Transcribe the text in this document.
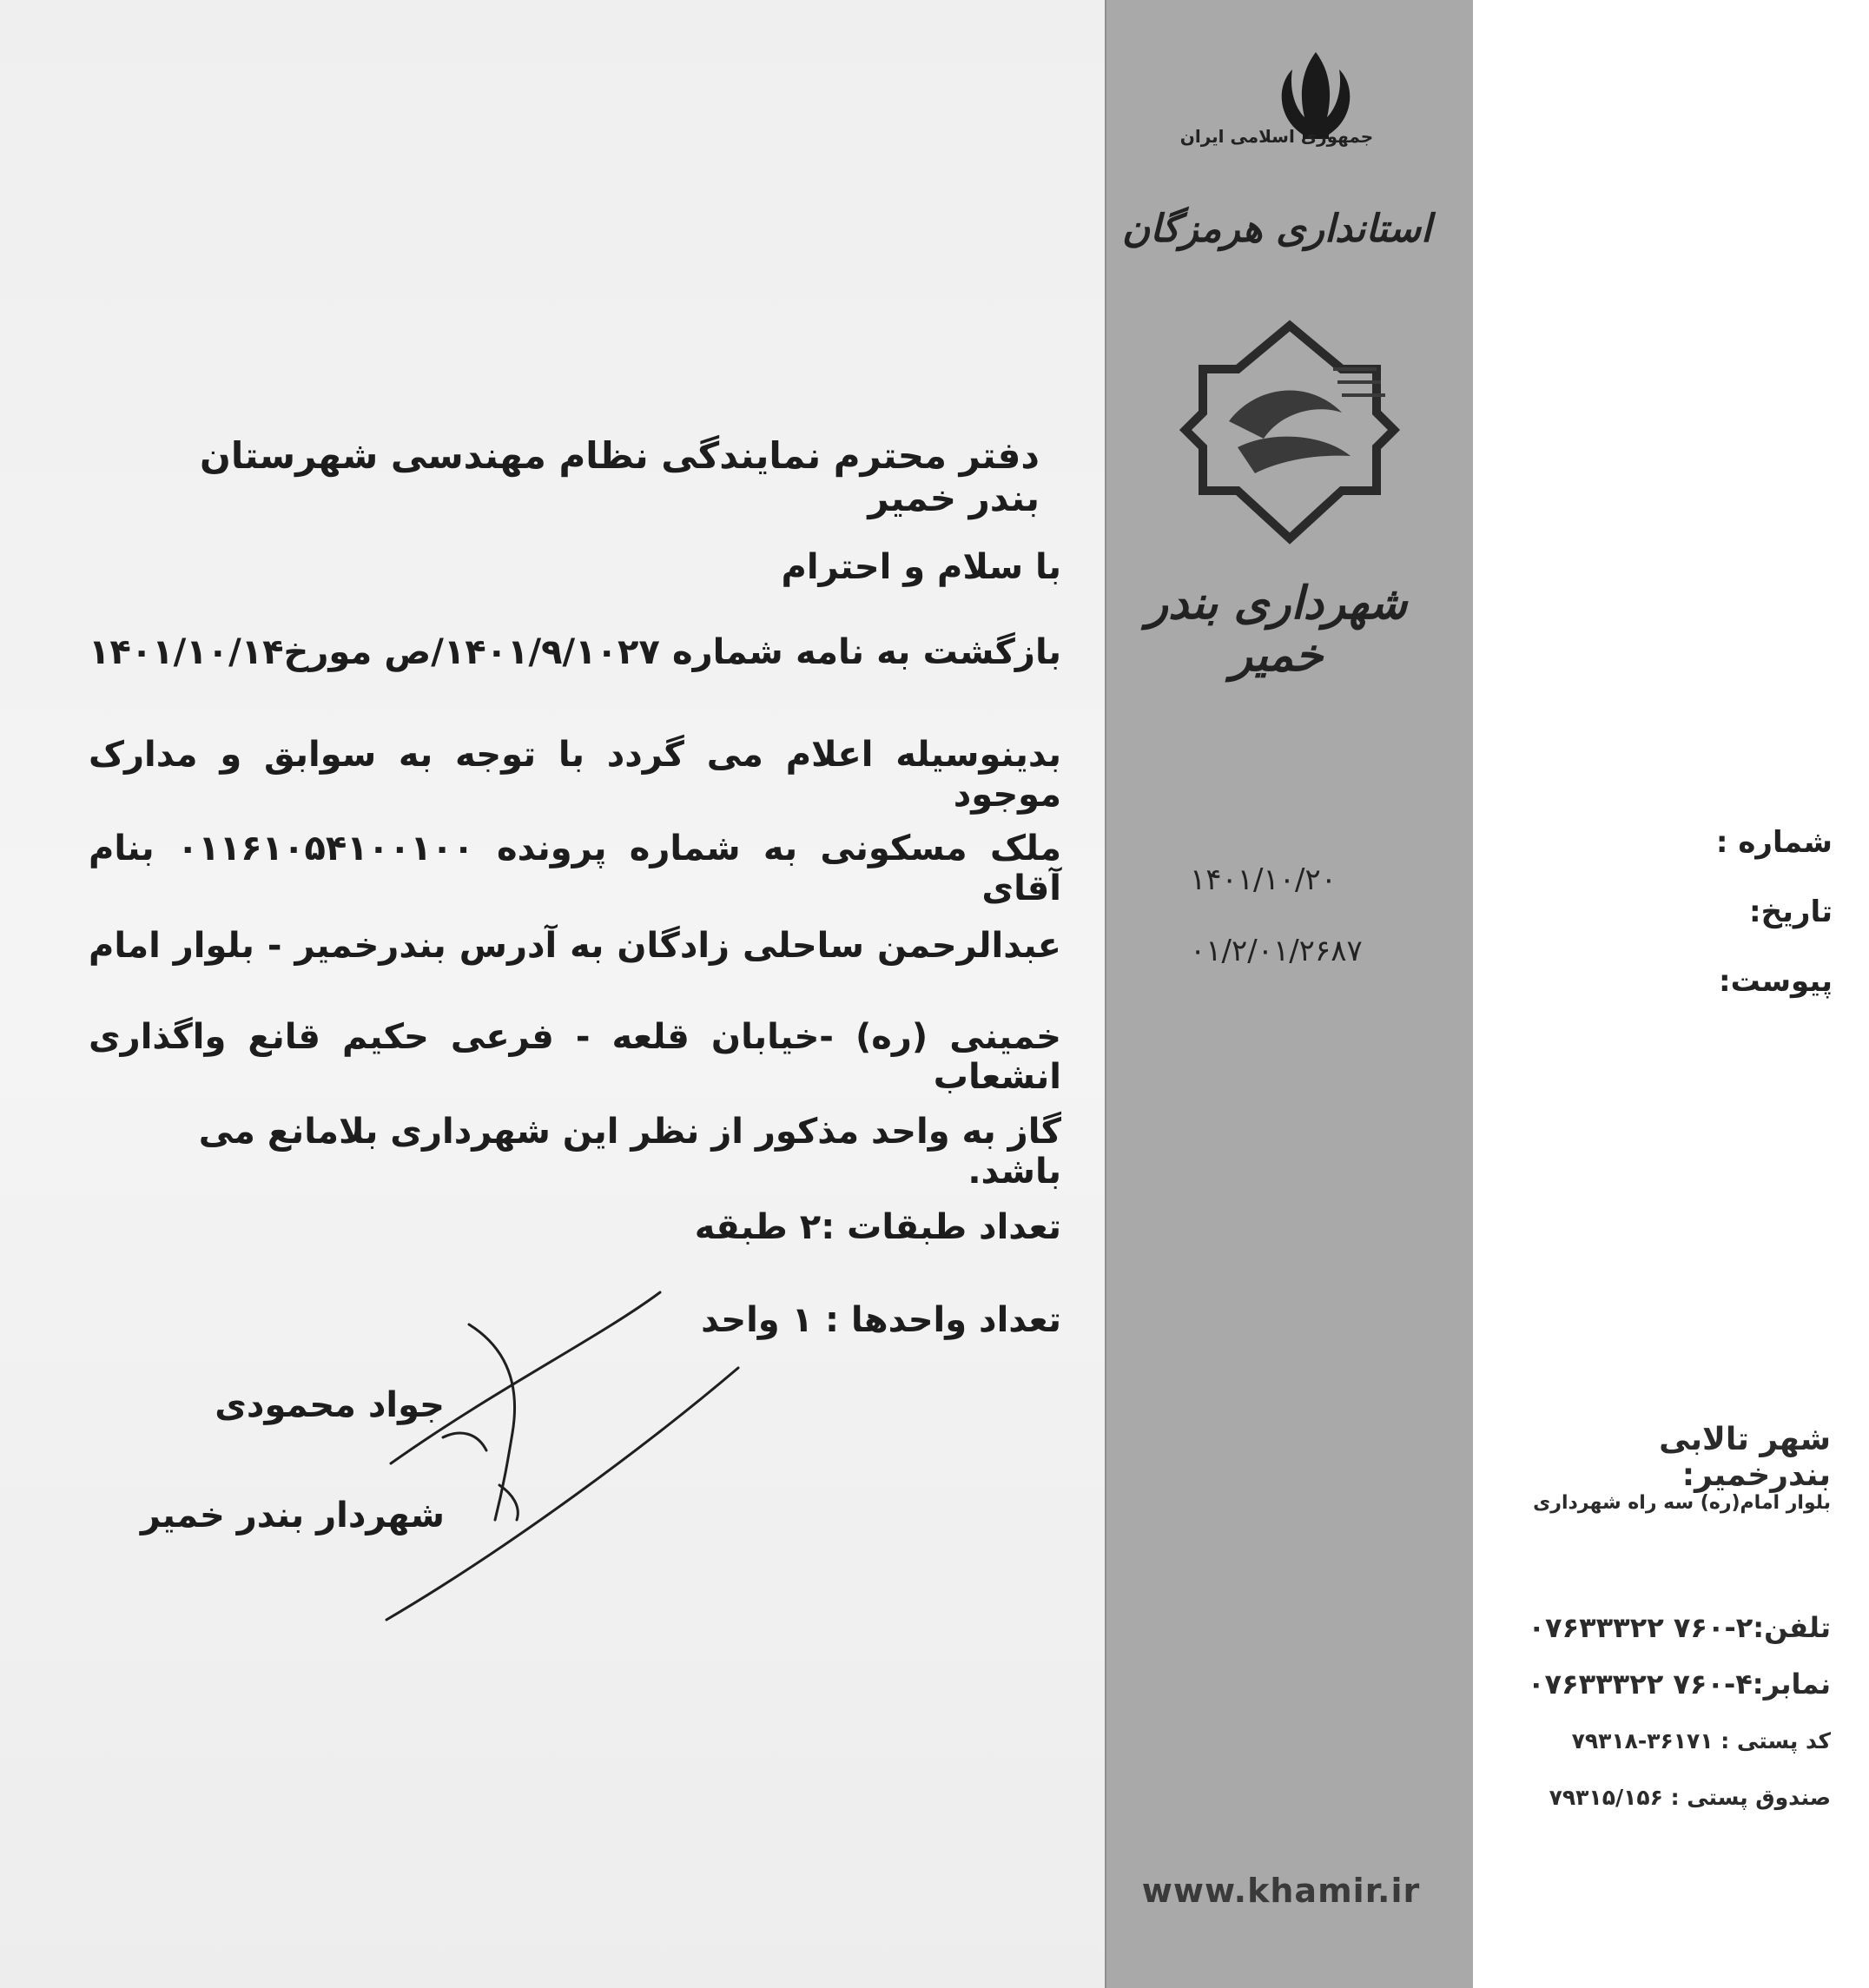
جمهوری اسلامی ایران
استانداری هرمزگان
شهرداری بندر خمیر
شماره :
۱۴۰۱/۱۰/۲۰
تاریخ:
۰۱/۲/۰۱/۲۶۸۷
پیوست:
شهر تالابی بندرخمیر:
بلوار امام(ره) سه راه شهرداری
تلفن:۲-۷۶۰ ۰۷۶۳۳۳۲۲
نمابر:۴-۷۶۰ ۰۷۶۳۳۳۲۲
کد پستی : ۳۶۱۷۱-۷۹۳۱۸
صندوق پستی : ۷۹۳۱۵/۱۵۶
www.khamir.ir
دفتر محترم نمایندگی نظام مهندسی شهرستان بندر خمیر
با سلام و احترام
بازگشت به نامه شماره ۱۴۰۱/۹/۱۰۲۷/ص مورخ۱۴۰۱/۱۰/۱۴
بدینوسیله اعلام می گردد با توجه به سوابق و مدارک موجود
ملک مسکونی به شماره پرونده ۰۱۱۶۱۰۵۴۱۰۰۱۰۰ بنام آقای
عبدالرحمن ساحلی زادگان به آدرس بندرخمیر - بلوار امام
خمینی (ره) -خیابان قلعه - فرعی حکیم قانع واگذاری انشعاب
گاز به واحد مذکور از نظر این شهرداری بلامانع می باشد.
تعداد طبقات :۲ طبقه
تعداد واحدها : ۱ واحد
جواد محمودی
شهردار بندر خمیر
